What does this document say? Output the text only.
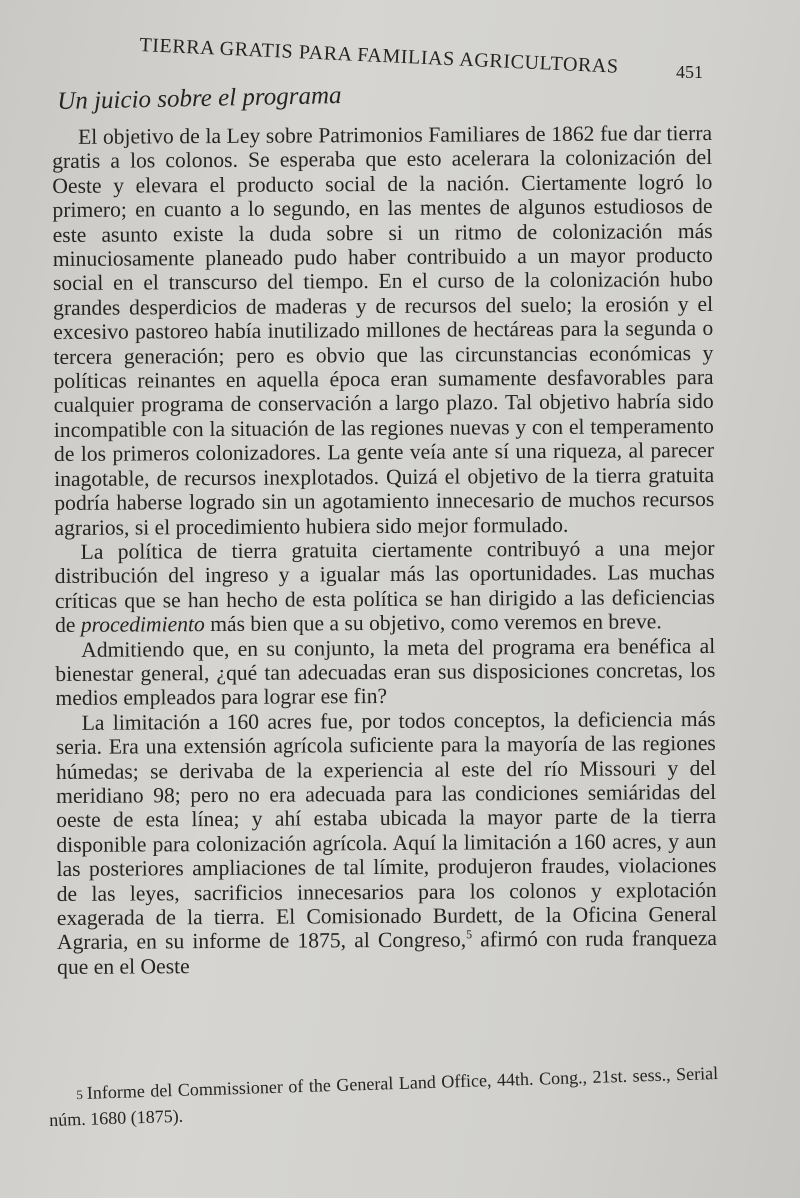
TIERRA GRATIS PARA FAMILIAS AGRICULTORAS	451
Un juicio sobre el programa

El objetivo de la Ley sobre Patrimonios Familiares de 1862 fue dar tierra gratis a los colonos. Se esperaba que esto acelerara la colonización del Oeste y elevara el producto social de la nación. Ciertamente logró lo primero; en cuanto a lo segundo, en las mentes de algunos estudiosos de este asunto existe la duda sobre si un ritmo de colonización más minuciosamente planeado pudo haber contribuido a un mayor producto social en el transcurso del tiempo. En el curso de la colonización hubo grandes desperdicios de maderas y de recursos del suelo; la erosión y el excesivo pastoreo había inutilizado millones de hectáreas para la segunda o tercera generación; pero es obvio que las circunstancias económicas y políticas reinantes en aquella época eran sumamente desfavorables para cualquier programa de conservación a largo plazo. Tal objetivo habría sido incompatible con la situación de las regiones nuevas y con el temperamento de los primeros colonizadores. La gente veía ante sí una riqueza, al parecer inagotable, de recursos inexplotados. Quizá el objetivo de la tierra gratuita podría haberse logrado sin un agotamiento innecesario de muchos recursos agrarios, si el procedimiento hubiera sido mejor formulado.

La política de tierra gratuita ciertamente contribuyó a una mejor distribución del ingreso y a igualar más las oportunidades. Las muchas críticas que se han hecho de esta política se han dirigido a las deficiencias de procedimiento más bien que a su objetivo, como veremos en breve.

Admitiendo que, en su conjunto, la meta del programa era benéfica al bienestar general, ¿qué tan adecuadas eran sus disposiciones concretas, los medios empleados para lograr ese fin?

La limitación a 160 acres fue, por todos conceptos, la deficiencia más seria. Era una extensión agrícola suficiente para la mayoría de las regiones húmedas; se derivaba de la experiencia al este del río Missouri y del meridiano 98; pero no era adecuada para las condiciones semiáridas del oeste de esta línea; y ahí estaba ubicada la mayor parte de la tierra disponible para colonización agrícola. Aquí la limitación a 160 acres, y aun las posteriores ampliaciones de tal límite, produjeron fraudes, violaciones de las leyes, sacrificios innecesarios para los colonos y explotación exagerada de la tierra. El Comisionado Burdett, de la Oficina General Agraria, en su informe de 1875, al Congreso,$^5$ afirmó con ruda franqueza que en el Oeste

5 Informe del Commissioner of the General Land Office, 44th. Cong., 21st. sess., Serial núm. 1680 (1875).
